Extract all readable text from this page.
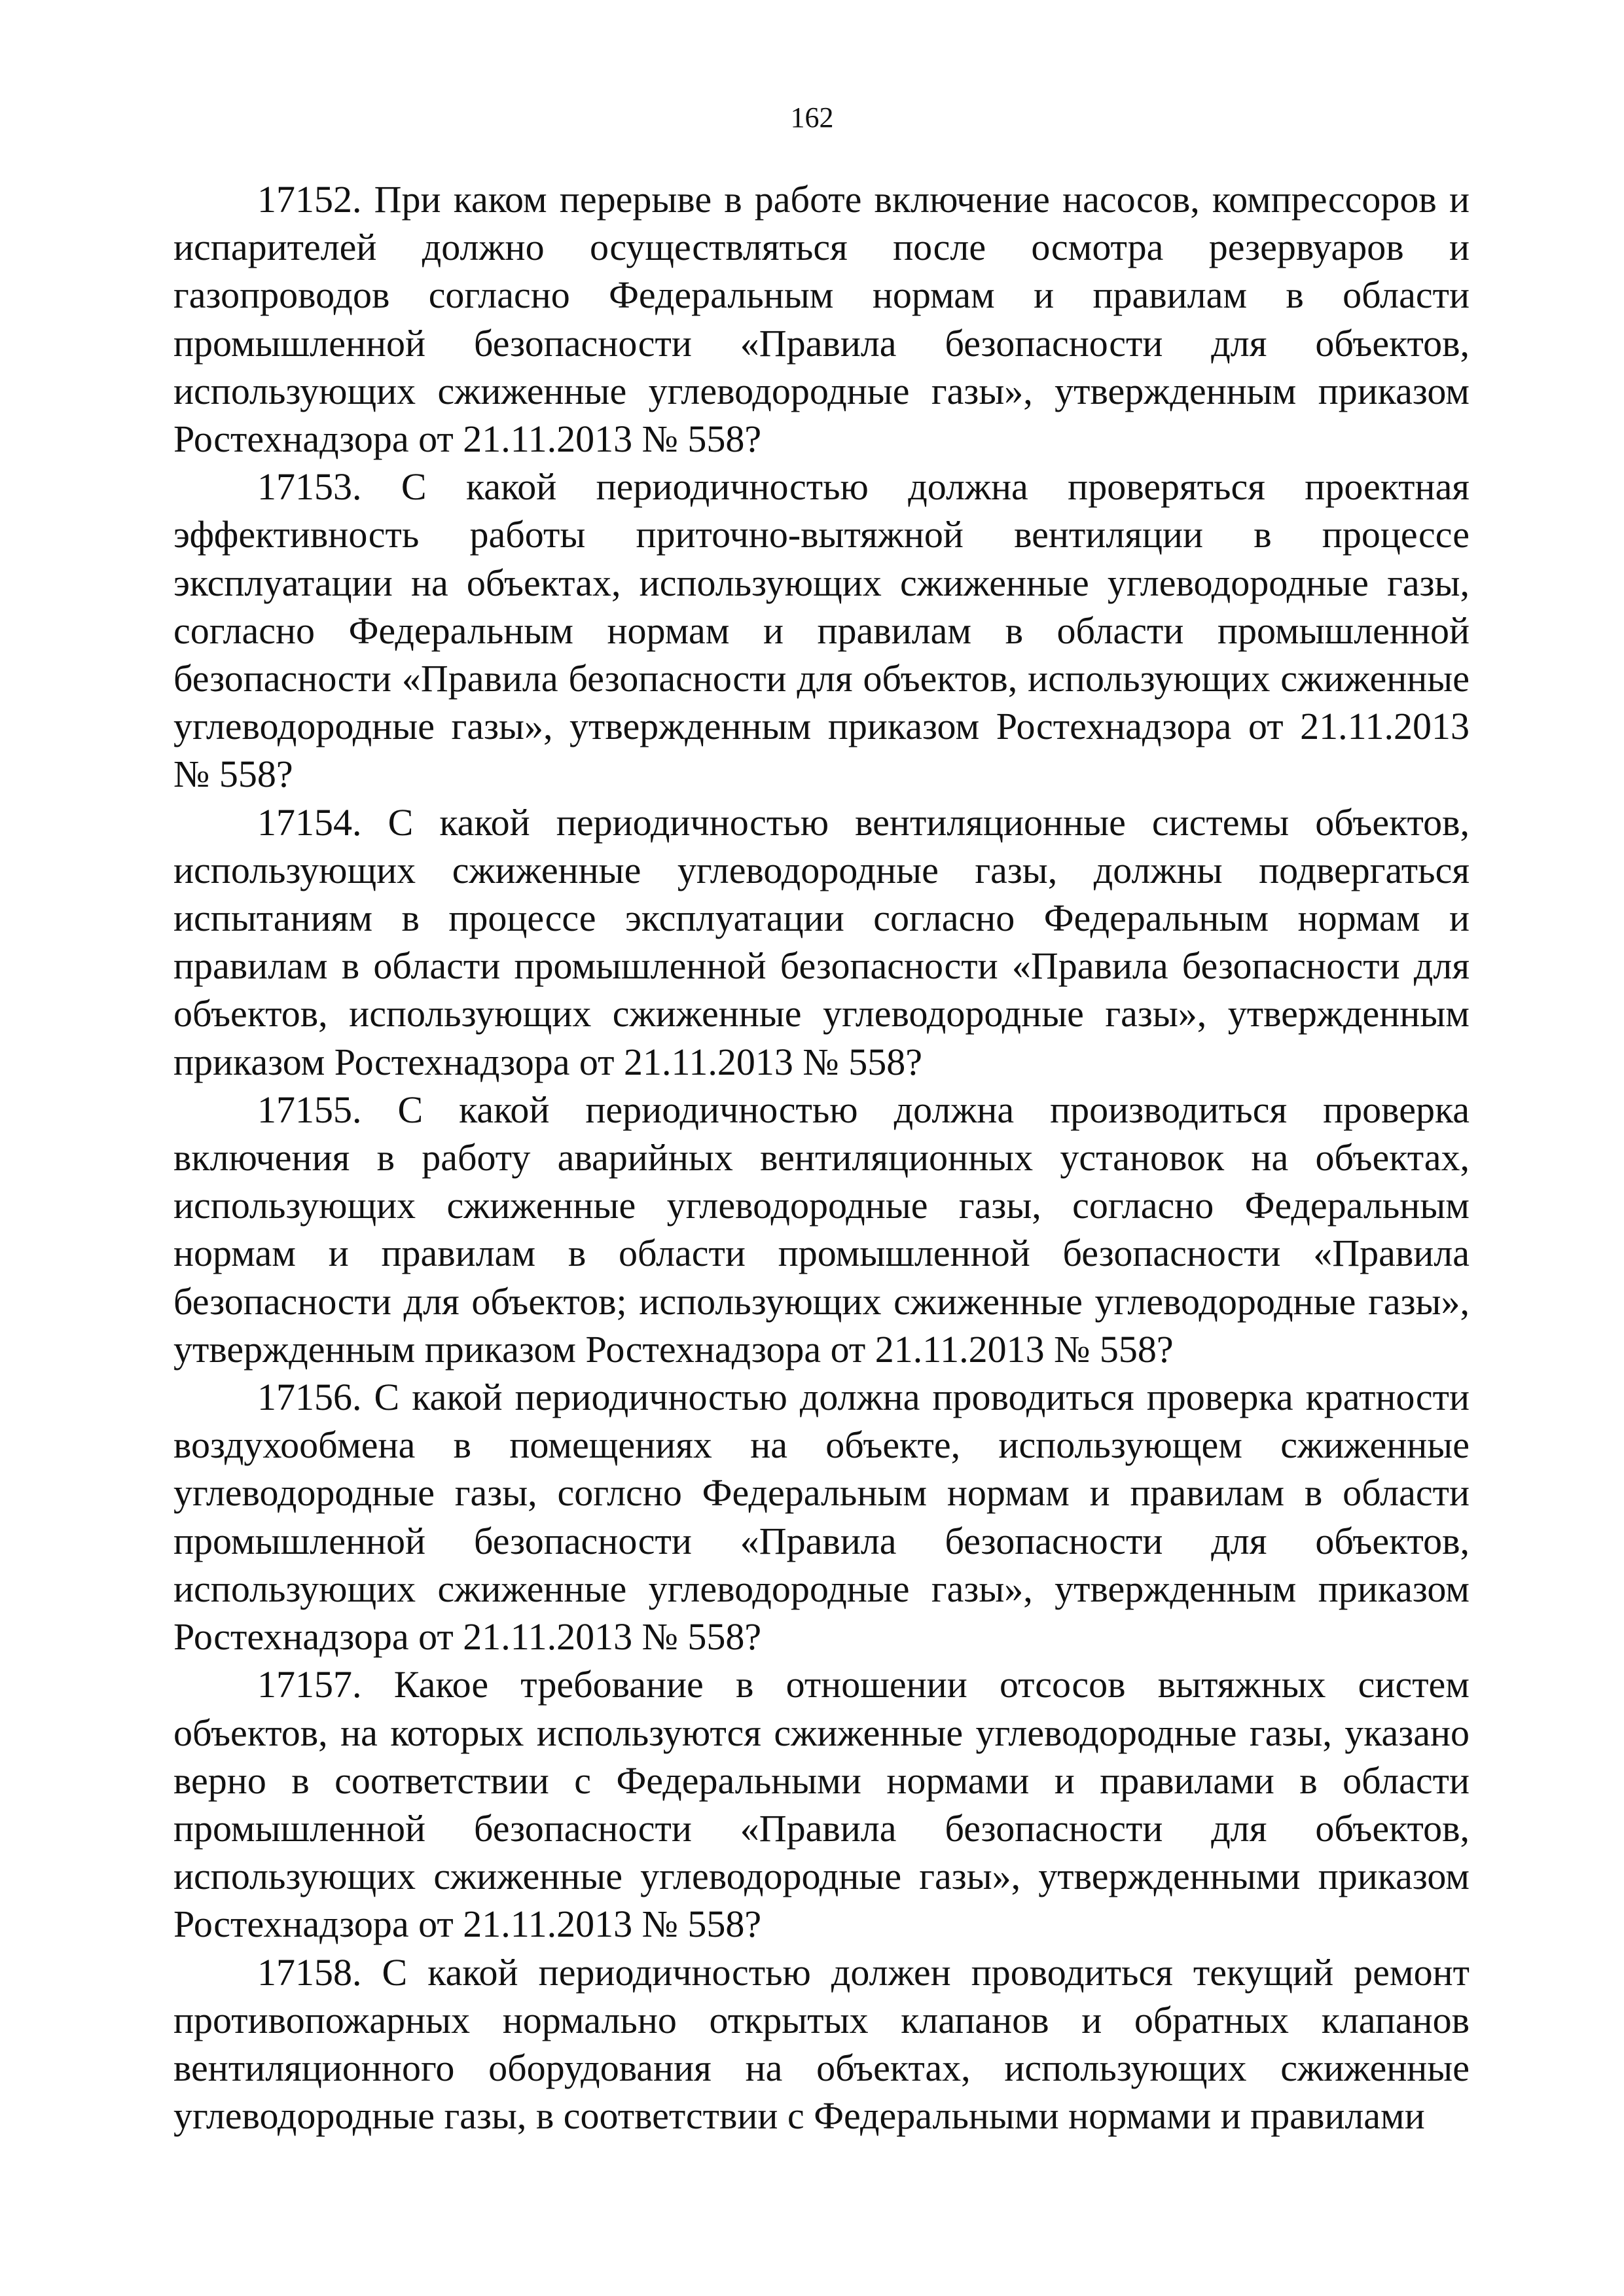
162

17152. При каком перерыве в работе включение насосов, компрессоров и испарителей должно осуществляться после осмотра резервуаров и газопроводов согласно Федеральным нормам и правилам в области промышленной безопасности «Правила безопасности для объектов, использующих сжиженные углеводородные газы», утвержденным приказом Ростехнадзора от 21.11.2013 № 558?

17153. С какой периодичностью должна проверяться проектная эффективность работы приточно-вытяжной вентиляции в процессе эксплуатации на объектах, использующих сжиженные углеводородные газы, согласно Федеральным нормам и правилам в области промышленной безопасности «Правила безопасности для объектов, использующих сжиженные углеводородные газы», утвержденным приказом Ростехнадзора от 21.11.2013 № 558?

17154. С какой периодичностью вентиляционные системы объектов, использующих сжиженные углеводородные газы, должны подвергаться испытаниям в процессе эксплуатации согласно Федеральным нормам и правилам в области промышленной безопасности «Правила безопасности для объектов, использующих сжиженные углеводородные газы», утвержденным приказом Ростехнадзора от 21.11.2013 № 558?

17155. С какой периодичностью должна производиться проверка включения в работу аварийных вентиляционных установок на объектах, использующих сжиженные углеводородные газы, согласно Федеральным нормам и правилам в области промышленной безопасности «Правила безопасности для объектов; использующих сжиженные углеводородные газы», утвержденным приказом Ростехнадзора от 21.11.2013 № 558?

17156. С какой периодичностью должна проводиться проверка кратности воздухообмена в помещениях на объекте, использующем сжиженные углеводородные газы, соглсно Федеральным нормам и правилам в области промышленной безопасности «Правила безопасности для объектов, использующих сжиженные углеводородные газы», утвержденным приказом Ростехнадзора от 21.11.2013 № 558?

17157. Какое требование в отношении отсосов вытяжных систем объектов, на которых используются сжиженные углеводородные газы, указано верно в соответствии с Федеральными нормами и правилами в области промышленной безопасности «Правила безопасности для объектов, использующих сжиженные углеводородные газы», утвержденными приказом Ростехнадзора от 21.11.2013 № 558?

17158. С какой периодичностью должен проводиться текущий ремонт противопожарных нормально открытых клапанов и обратных клапанов вентиляционного оборудования на объектах, использующих сжиженные углеводородные газы, в соответствии с Федеральными нормами и правилами
